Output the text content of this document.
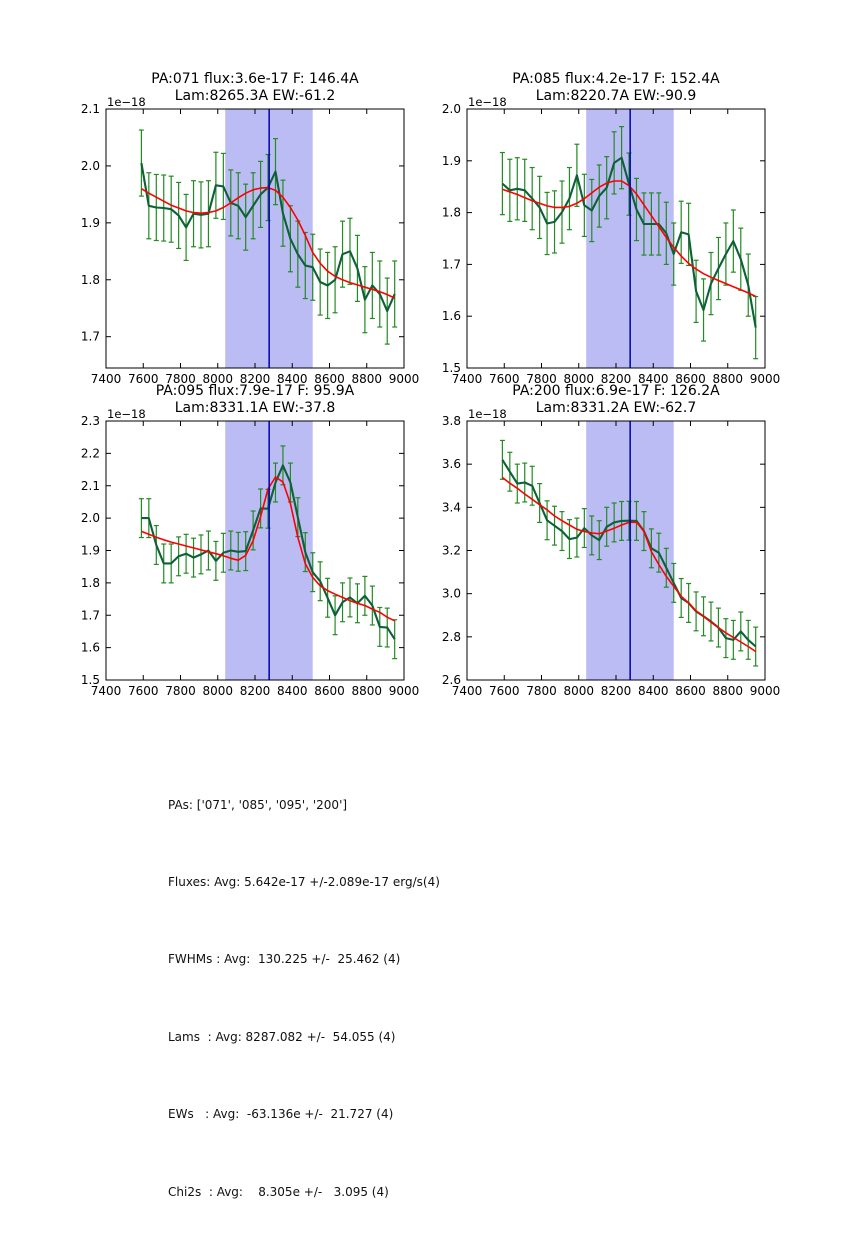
7400 7600 7800 8000 8200 8400 8600 8800 9000
1.7
1.8
1.9
2.0
2.1
7400 7600 7800 8000 8200 8400 8600 8800 9000
1.5
1.6
1.7
1.8
1.9
2.0
7400 7600 7800 8000 8200 8400 8600 8800 9000
1.5
1.6
1.7
1.8
1.9
2.0
2.1
2.2
2.3
7400 7600 7800 8000 8200 8400 8600 8800 9000
2.6
2.8
3.0
3.2
3.4
3.6
3.8
PA:071 flux:3.6e-17 F: 146.4A
Lam:8265.3A EW:-61.2
PA:085 flux:4.2e-17 F: 152.4A
Lam:8220.7A EW:-90.9
PA:095 flux:7.9e-17 F: 95.9A
Lam:8331.1A EW:-37.8
PA:200 flux:6.9e-17 F: 126.2A
Lam:8331.2A EW:-62.7
1e−18	1e−18
1e−18	1e−18

PAs: ['071', '085', '095', '200']

Fluxes: Avg: 5.642e-17 +/-2.089e-17 erg/s(4)

FWHMs : Avg:  130.225 +/-  25.462 (4)

Lams  : Avg: 8287.082 +/-  54.055 (4)

EWs   : Avg:  -63.136e +/-  21.727 (4)

Chi2s  : Avg:    8.305e +/-   3.095 (4)
